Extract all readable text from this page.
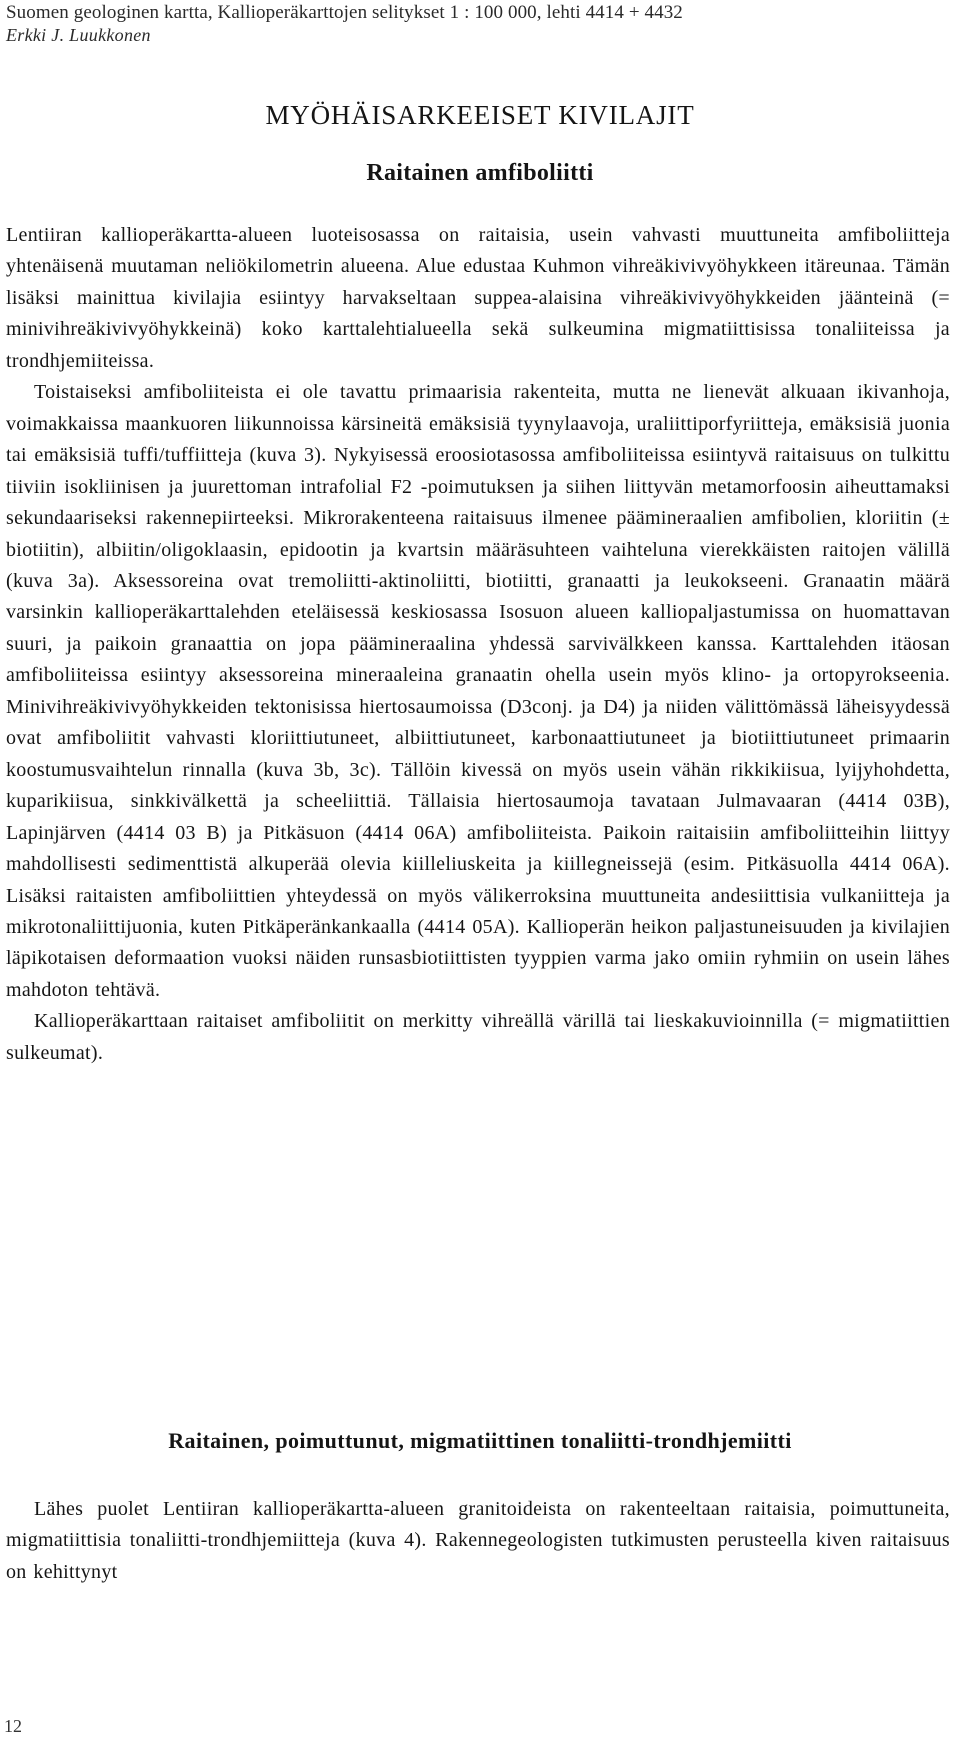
Suomen geologinen kartta, Kallioperäkarttojen selitykset 1 : 100 000, lehti 4414 + 4432
Erkki J. Luukkonen
MYÖHÄISARKEEISET KIVILAJIT
Raitainen amfiboliitti

Lentiiran kallioperäkartta-alueen luoteisosassa on raitaisia, usein vahvasti muuttuneita amfiboliitteja yhtenäisenä muutaman neliökilometrin alueena. Alue edustaa Kuhmon vihreäkivivyöhykkeen itäreunaa. Tämän lisäksi mainittua kivilajia esiintyy harvakseltaan suppea-alaisina vihreäkivivyöhykkeiden jäänteinä (= minivihreäkivivyöhykkeinä) koko karttalehtialueella sekä sulkeumina migmatiittisissa tonaliiteissa ja trondhjemiiteissa.

Toistaiseksi amfiboliiteista ei ole tavattu primaarisia rakenteita, mutta ne lienevät alkuaan ikivanhoja, voimakkaissa maankuoren liikunnoissa kärsineitä emäksisiä tyynylaavoja, uraliittiporfyriitteja, emäksisiä juonia tai emäksisiä tuffi/tuffiitteja (kuva 3). Nykyisessä eroosiotasossa amfiboliiteissa esiintyvä raitaisuus on tulkittu tiiviin isokliinisen ja juurettoman intrafolial F2 -poimutuksen ja siihen liittyvän metamorfoosin aiheuttamaksi sekundaariseksi rakennepiirteeksi. Mikrorakenteena raitaisuus ilmenee päämineraalien amfibolien, kloriitin (± biotiitin), albiitin/oligoklaasin, epidootin ja kvartsin määräsuhteen vaihteluna vierekkäisten raitojen välillä (kuva 3a). Aksessoreina ovat tremoliitti-aktinoliitti, biotiitti, granaatti ja leukokseeni. Granaatin määrä varsinkin kallioperäkarttalehden eteläisessä keskiosassa Isosuon alueen kalliopaljastumissa on huomattavan suuri, ja paikoin granaattia on jopa päämineraalina yhdessä sarvivälkkeen kanssa. Karttalehden itäosan amfiboliiteissa esiintyy aksessoreina mineraaleina granaatin ohella usein myös klino- ja ortopyrokseenia. Minivihreäkivivyöhykkeiden tektonisissa hiertosaumoissa (D3conj. ja D4) ja niiden välittömässä läheisyydessä ovat amfiboliitit vahvasti kloriittiutuneet, albiittiutuneet, karbonaattiutuneet ja biotiittiutuneet primaarin koostumusvaihtelun rinnalla (kuva 3b, 3c). Tällöin kivessä on myös usein vähän rikkikiisua, lyijyhohdetta, kuparikiisua, sinkkivälkettä ja scheeliittiä. Tällaisia hiertosaumoja tavataan Julmavaaran (4414 03B), Lapinjärven (4414 03 B) ja Pitkäsuon (4414 06A) amfiboliiteista. Paikoin raitaisiin amfiboliitteihin liittyy mahdollisesti sedimenttistä alkuperää olevia kiilleliuskeita ja kiillegneissejä (esim. Pitkäsuolla 4414 06A). Lisäksi raitaisten amfiboliittien yhteydessä on myös välikerroksina muuttuneita andesiittisia vulkaniitteja ja mikrotonaliittijuonia, kuten Pitkäperänkankaalla (4414 05A). Kallioperän heikon paljastuneisuuden ja kivilajien läpikotaisen deformaation vuoksi näiden runsasbiotiittisten tyyppien varma jako omiin ryhmiin on usein lähes mahdoton tehtävä.

Kallioperäkarttaan raitaiset amfiboliitit on merkitty vihreällä värillä tai lieskakuvioinnilla (= migmatiittien sulkeumat).

Raitainen, poimuttunut, migmatiittinen tonaliitti-trondhjemiitti

Lähes puolet Lentiiran kallioperäkartta-alueen granitoideista on rakenteeltaan raitaisia, poimuttuneita, migmatiittisia tonaliitti-trondhjemiitteja (kuva 4). Rakennegeologisten tutkimusten perusteella kiven raitaisuus on kehittynyt

12
